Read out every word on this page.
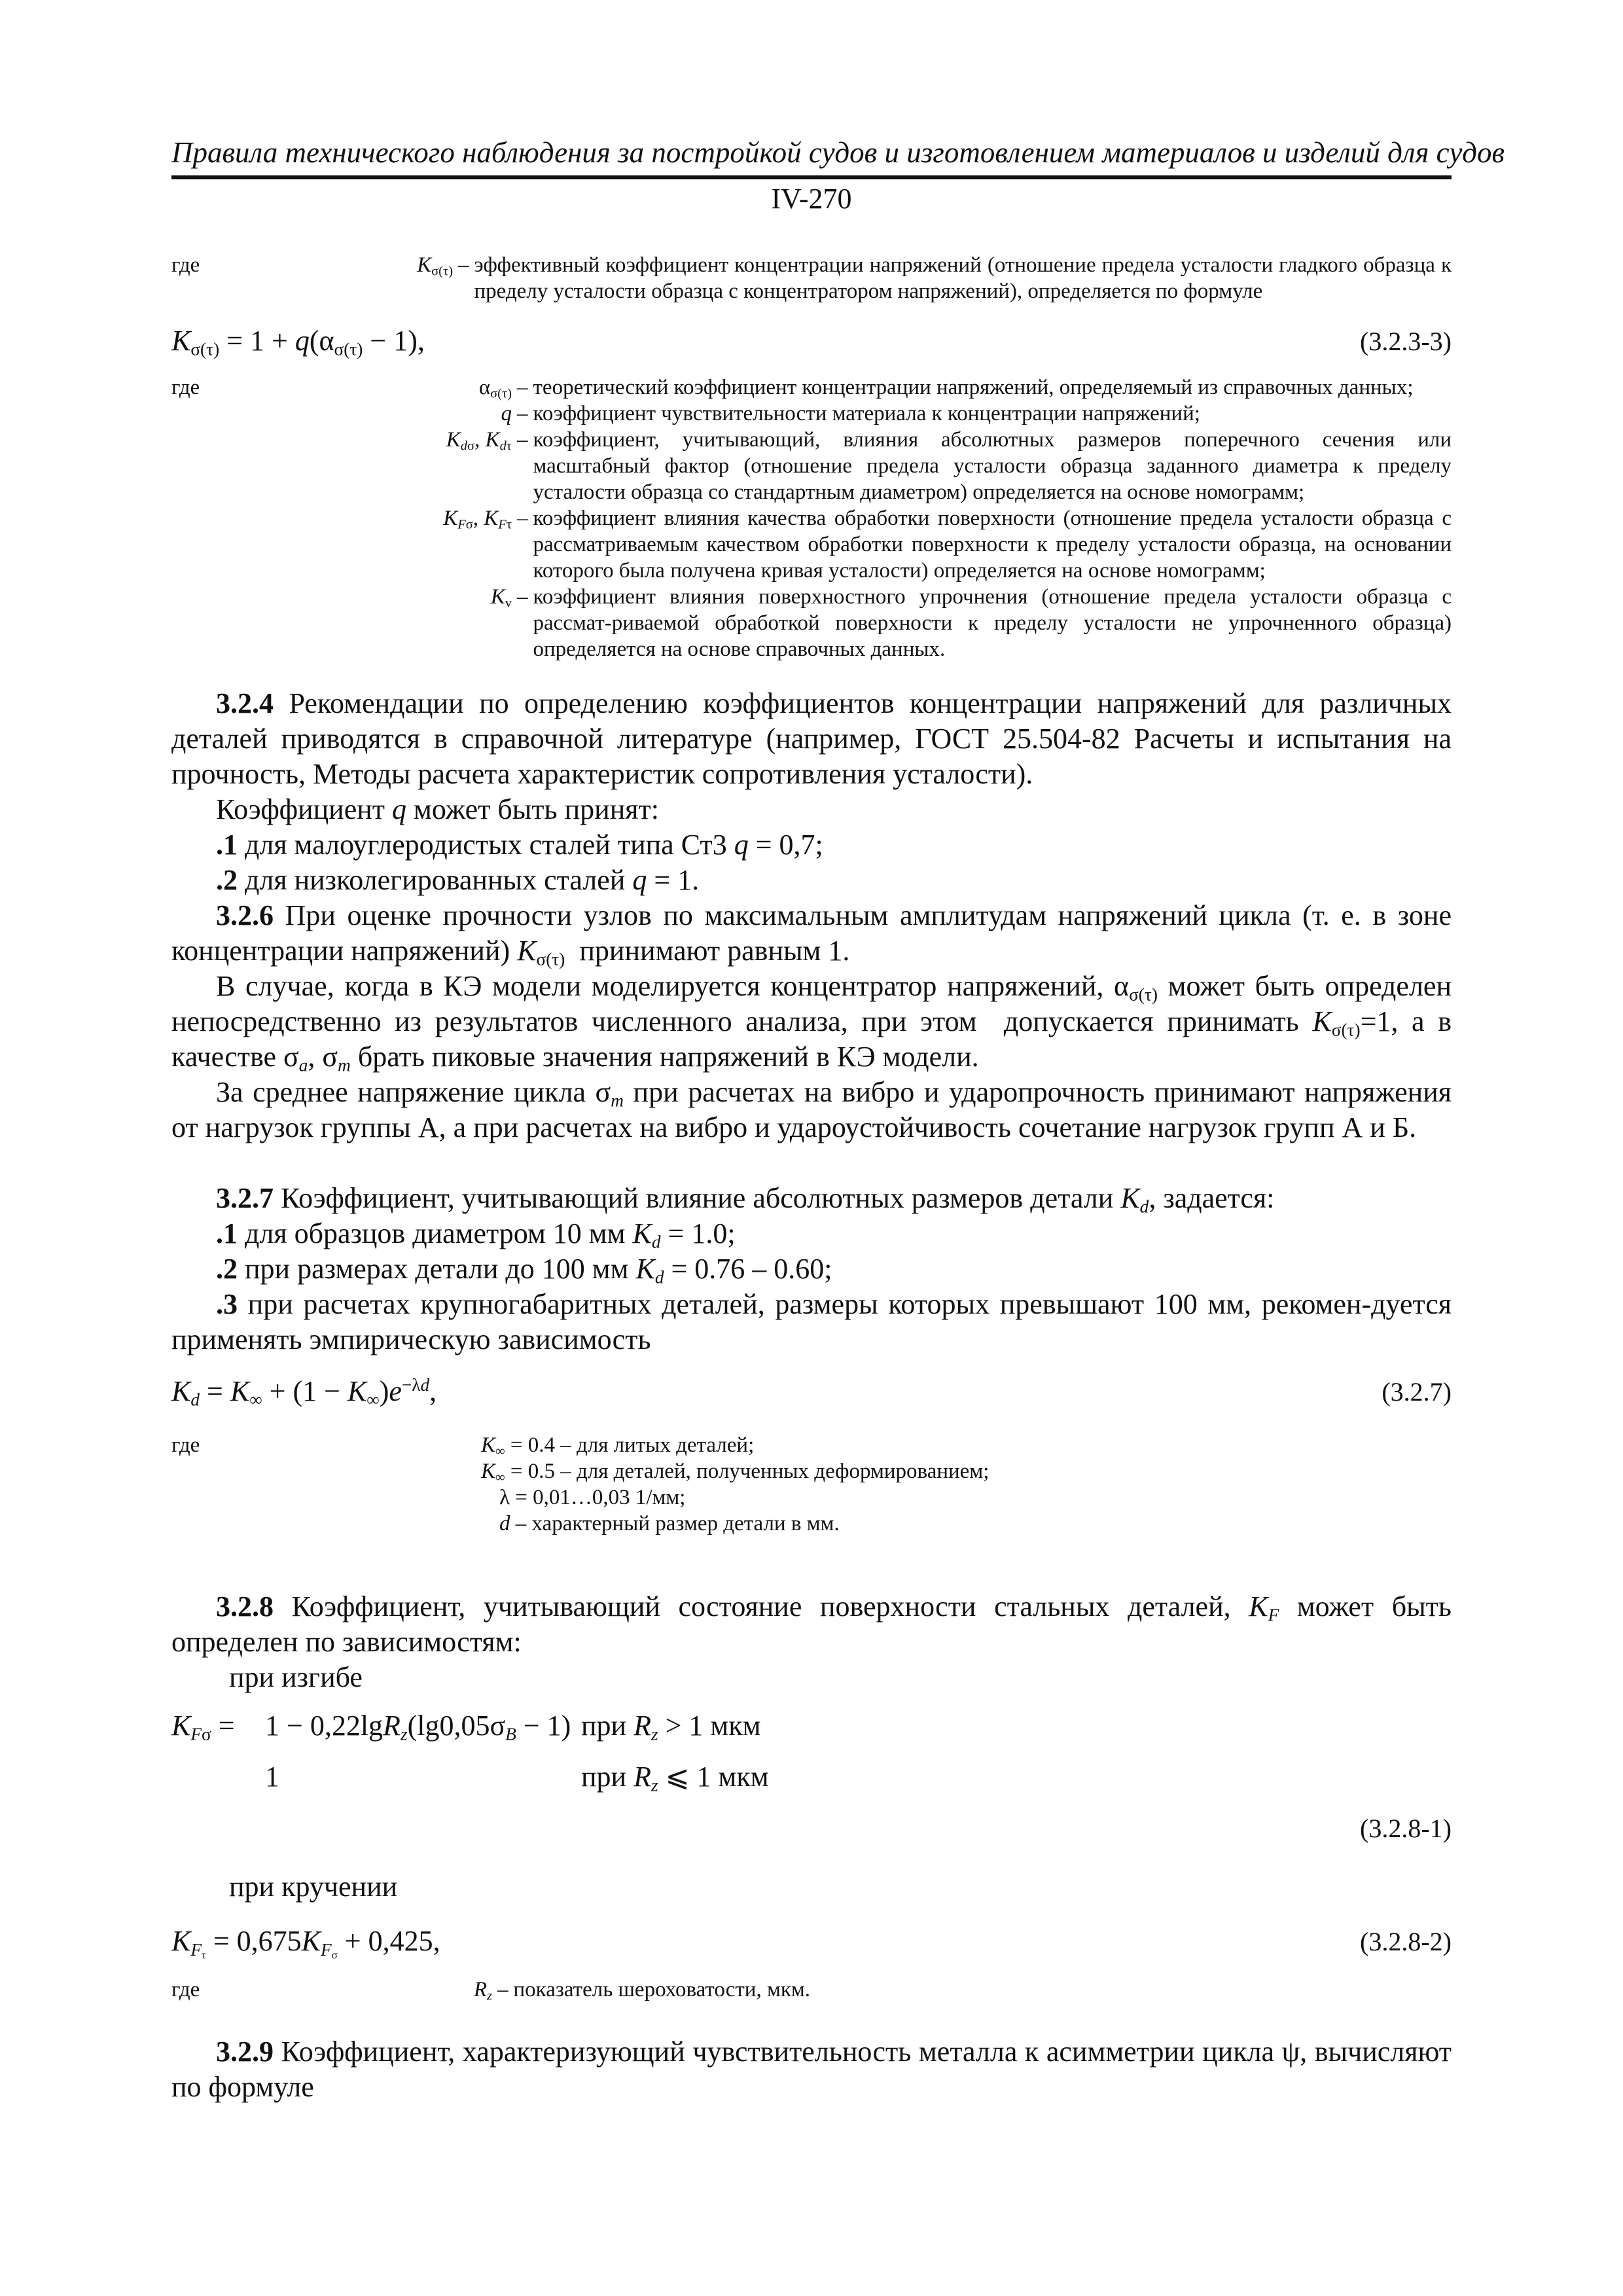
Правила технического наблюдения за постройкой судов и изготовлением материалов и изделий для судов
IV-270
где	$K_{\sigma(\tau)}$ – эффективный коэффициент концентрации напряжений (отношение предела усталости гладкого образца к пределу усталости образца с концентратором напряжений), определяется по формуле
$K_{\sigma(\tau)} = 1 + q(\alpha_{\sigma(\tau)} - 1)$,	(3.2.3-3)
где	$\alpha_{\sigma(\tau)}$ – теоретический коэффициент концентрации напряжений, определяемый из справочных данных;
q – коэффициент чувствительности материала к концентрации напряжений;
$K_{d\sigma}$, $K_{d\tau}$ – коэффициент, учитывающий, влияния абсолютных размеров поперечного сечения или масштабный фактор (отношение предела усталости образца заданного диаметра к пределу усталости образца со стандартным диаметром) определяется на основе номограмм;
$K_{F\sigma}$, $K_{F\tau}$ – коэффициент влияния качества обработки поверхности (отношение предела усталости образца с рассматриваемым качеством обработки поверхности к пределу усталости образца, на основании которого была получена кривая усталости) определяется на основе номограмм;
$K_v$ – коэффициент влияния поверхностного упрочнения (отношение предела усталости образца с рассмат-риваемой обработкой поверхности к пределу усталости не упрочненного образца) определяется на основе справочных данных.
3.2.4 Рекомендации по определению коэффициентов концентрации напряжений для различных деталей приводятся в справочной литературе (например, ГОСТ 25.504-82 Расчеты и испытания на прочность, Методы расчета характеристик сопротивления усталости).
Коэффициент q может быть принят:
.1 для малоуглеродистых сталей типа Ст3 q = 0,7;
.2 для низколегированных сталей q = 1.
3.2.6 При оценке прочности узлов по максимальным амплитудам напряжений цикла (т. е. в зоне концентрации напряжений) $K_{\sigma(\tau)}$  принимают равным 1.
В случае, когда в КЭ модели моделируется концентратор напряжений, $\alpha_{\sigma(\tau)}$ может быть определен непосредственно из результатов численного анализа, при этом  допускается принимать $K_{\sigma(\tau)}=1$, а в качестве $\sigma_a$, $\sigma_m$ брать пиковые значения напряжений в КЭ модели.
За среднее напряжение цикла $\sigma_m$ при расчетах на вибро и ударопрочность принимают напряжения от нагрузок группы А, а при расчетах на вибро и удароустойчивость сочетание нагрузок групп А и Б.
3.2.7 Коэффициент, учитывающий влияние абсолютных размеров детали $K_d$, задается:
.1 для образцов диаметром 10 мм $K_d = 1.0$;
.2 при размерах детали до 100 мм $K_d = 0.76 - 0.60$;
.3 при расчетах крупногабаритных деталей, размеры которых превышают 100 мм, рекомен-дуется применять эмпирическую зависимость
$K_d = K_\infty + (1 - K_\infty)e^{-\lambda d}$,	(3.2.7)
где	$K_\infty = 0.4$ – для литых деталей;
$K_\infty = 0.5$ – для деталей, полученных деформированием;
λ = 0,01…0,03 1/мм;
d – характерный размер детали в мм.
3.2.8 Коэффициент, учитывающий состояние поверхности стальных деталей, $K_F$ может быть определен по зависимостям:
при изгибе
$K_{F\sigma} = 1 - 0,22\lg R_z(\lg 0,05\sigma_B - 1)$ при $R_z > 1$ мкм
1	при $R_z$ ⩽ 1 мкм
(3.2.8-1)
при кручении
$K_{F_\tau} = 0,675K_{F_\sigma} + 0,425$,	(3.2.8-2)
где	$R_z$ – показатель шероховатости, мкм.
3.2.9 Коэффициент, характеризующий чувствительность металла к асимметрии цикла ψ, вычисляют по формуле
